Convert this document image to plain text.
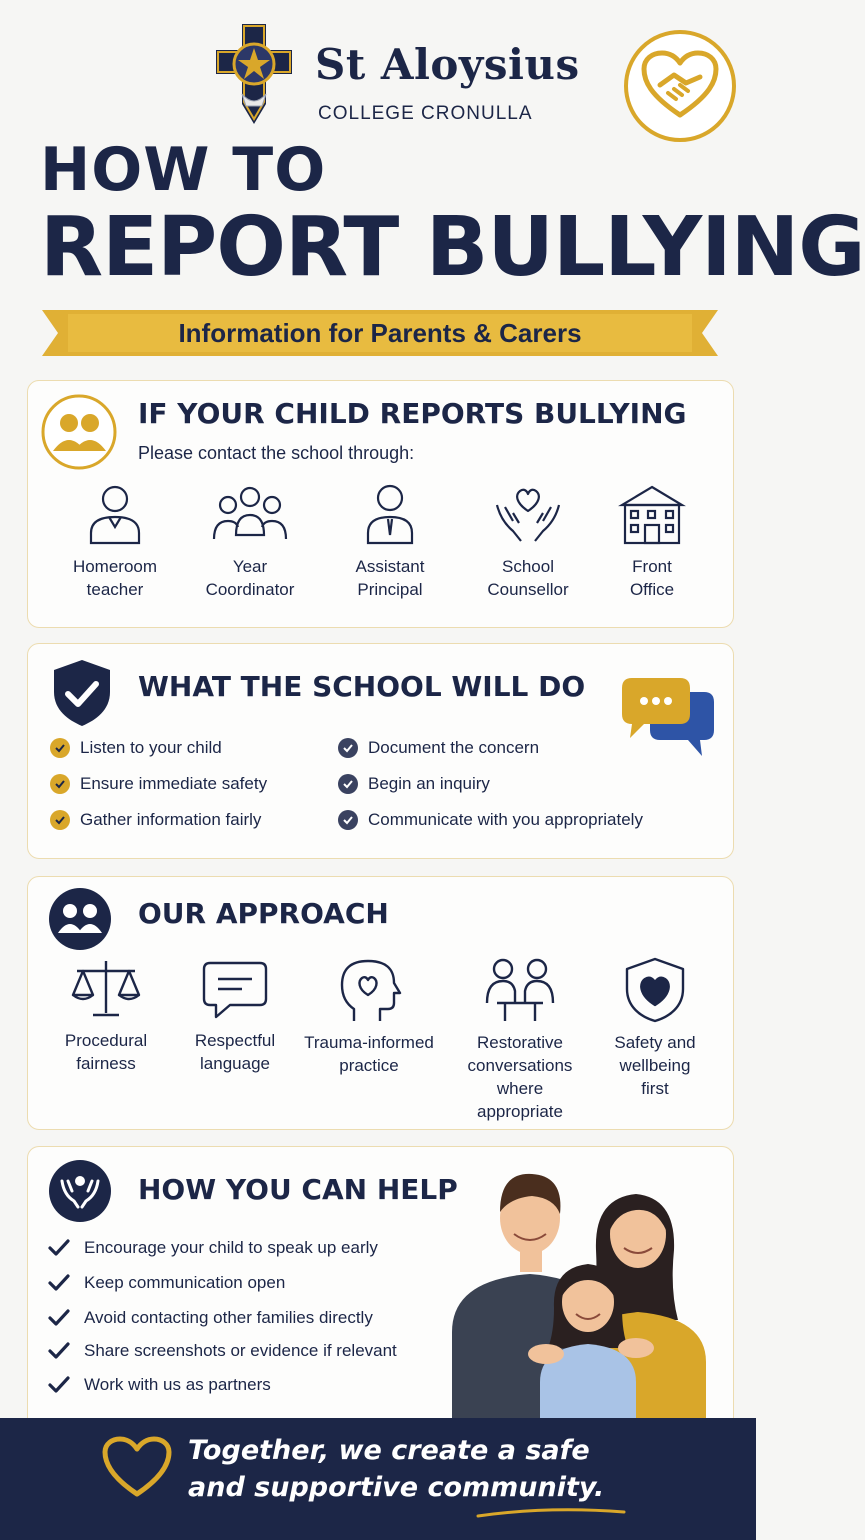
St Aloysius
COLLEGE CRONULLA
HOW TO
REPORT BULLYING
Information for Parents & Carers
IF YOUR CHILD REPORTS BULLYING
Please contact the school through:
Homeroom
teacher
Year
Coordinator
Assistant
Principal
School
Counsellor
Front
Office
WHAT THE SCHOOL WILL DO
Listen to your child
Ensure immediate safety
Gather information fairly
Document the concern
Begin an inquiry
Communicate with you appropriately
OUR APPROACH
Procedural
fairness
Respectful
language
Trauma-informed
practice
Restorative
conversations
where
appropriate
Safety and
wellbeing
first
HOW YOU CAN HELP
Encourage your child to speak up early
Keep communication open
Avoid contacting other families directly
Share screenshots or evidence if relevant
Work with us as partners
Together, we create a safe
and supportive community.
